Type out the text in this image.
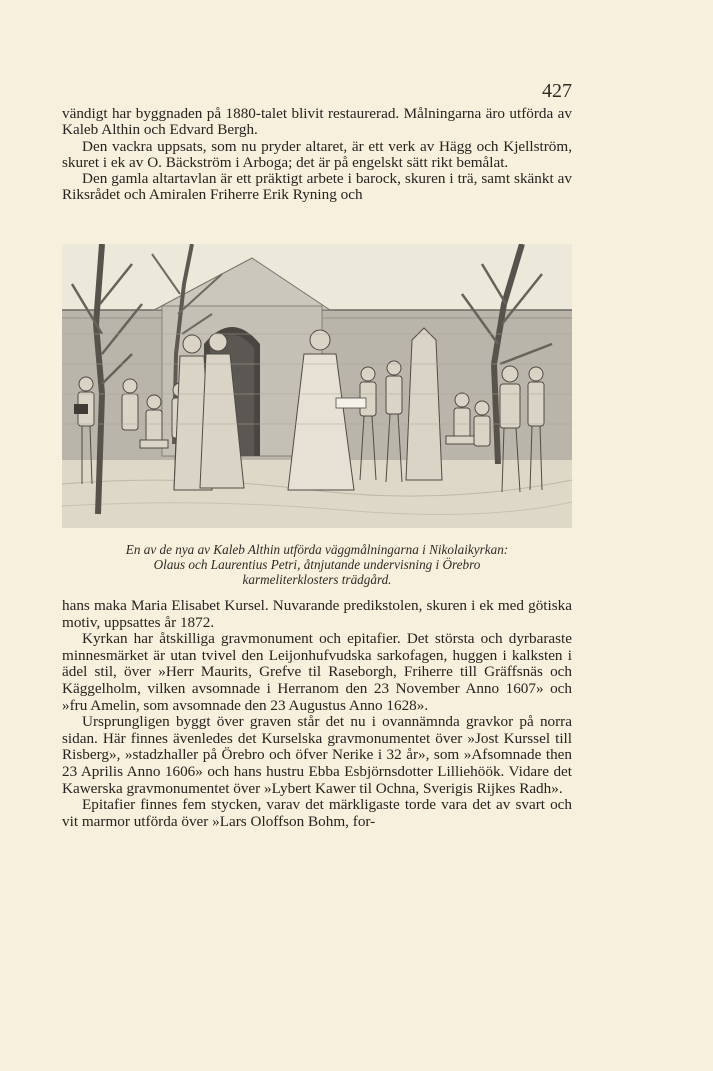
427

vändigt har byggnaden på 1880-talet blivit restaurerad. Målningarna äro utförda av Kaleb Althin och Edvard Bergh.

Den vackra uppsats, som nu pryder altaret, är ett verk av Hägg och Kjellström, skuret i ek av O. Bäckström i Arboga; det är på engelskt sätt rikt bemålat.

Den gamla altartavlan är ett präktigt arbete i barock, skuren i trä, samt skänkt av Riksrådet och Amiralen Friherre Erik Ryning och

En av de nya av Kaleb Althin utförda väggmålningarna i Nikolaikyrkan:
Olaus och Laurentius Petri, åtnjutande undervisning i Örebro
karmeliterklosters trädgård.

hans maka Maria Elisabet Kursel. Nuvarande predikstolen, skuren i ek med götiska motiv, uppsattes år 1872.

Kyrkan har åtskilliga gravmonument och epitafier. Det största och dyrbaraste minnesmärket är utan tvivel den Leijonhufvudska sarkofagen, huggen i kalksten i ädel stil, över »Herr Maurits, Grefve til Raseborgh, Friherre till Gräffsnäs och Käggelholm, vilken avsomnade i Herranom den 23 November Anno 1607» och »fru Amelin, som avsomnade den 23 Augustus Anno 1628».

Ursprungligen byggt över graven står det nu i ovannämnda gravkor på norra sidan. Här finnes ävenledes det Kurselska gravmonumentet över »Jost Kurssel till Risberg», »stadzhaller på Örebro och öfver Nerike i 32 år», som »Afsomnade then 23 Aprilis Anno 1606» och hans hustru Ebba Esbjörnsdotter Lilliehöök. Vidare det Kawerska gravmonumentet över »Lybert Kawer til Ochna, Sverigis Rijkes Radh».

Epitafier finnes fem stycken, varav det märkligaste torde vara det av svart och vit marmor utförda över »Lars Oloffson Bohm, for-
